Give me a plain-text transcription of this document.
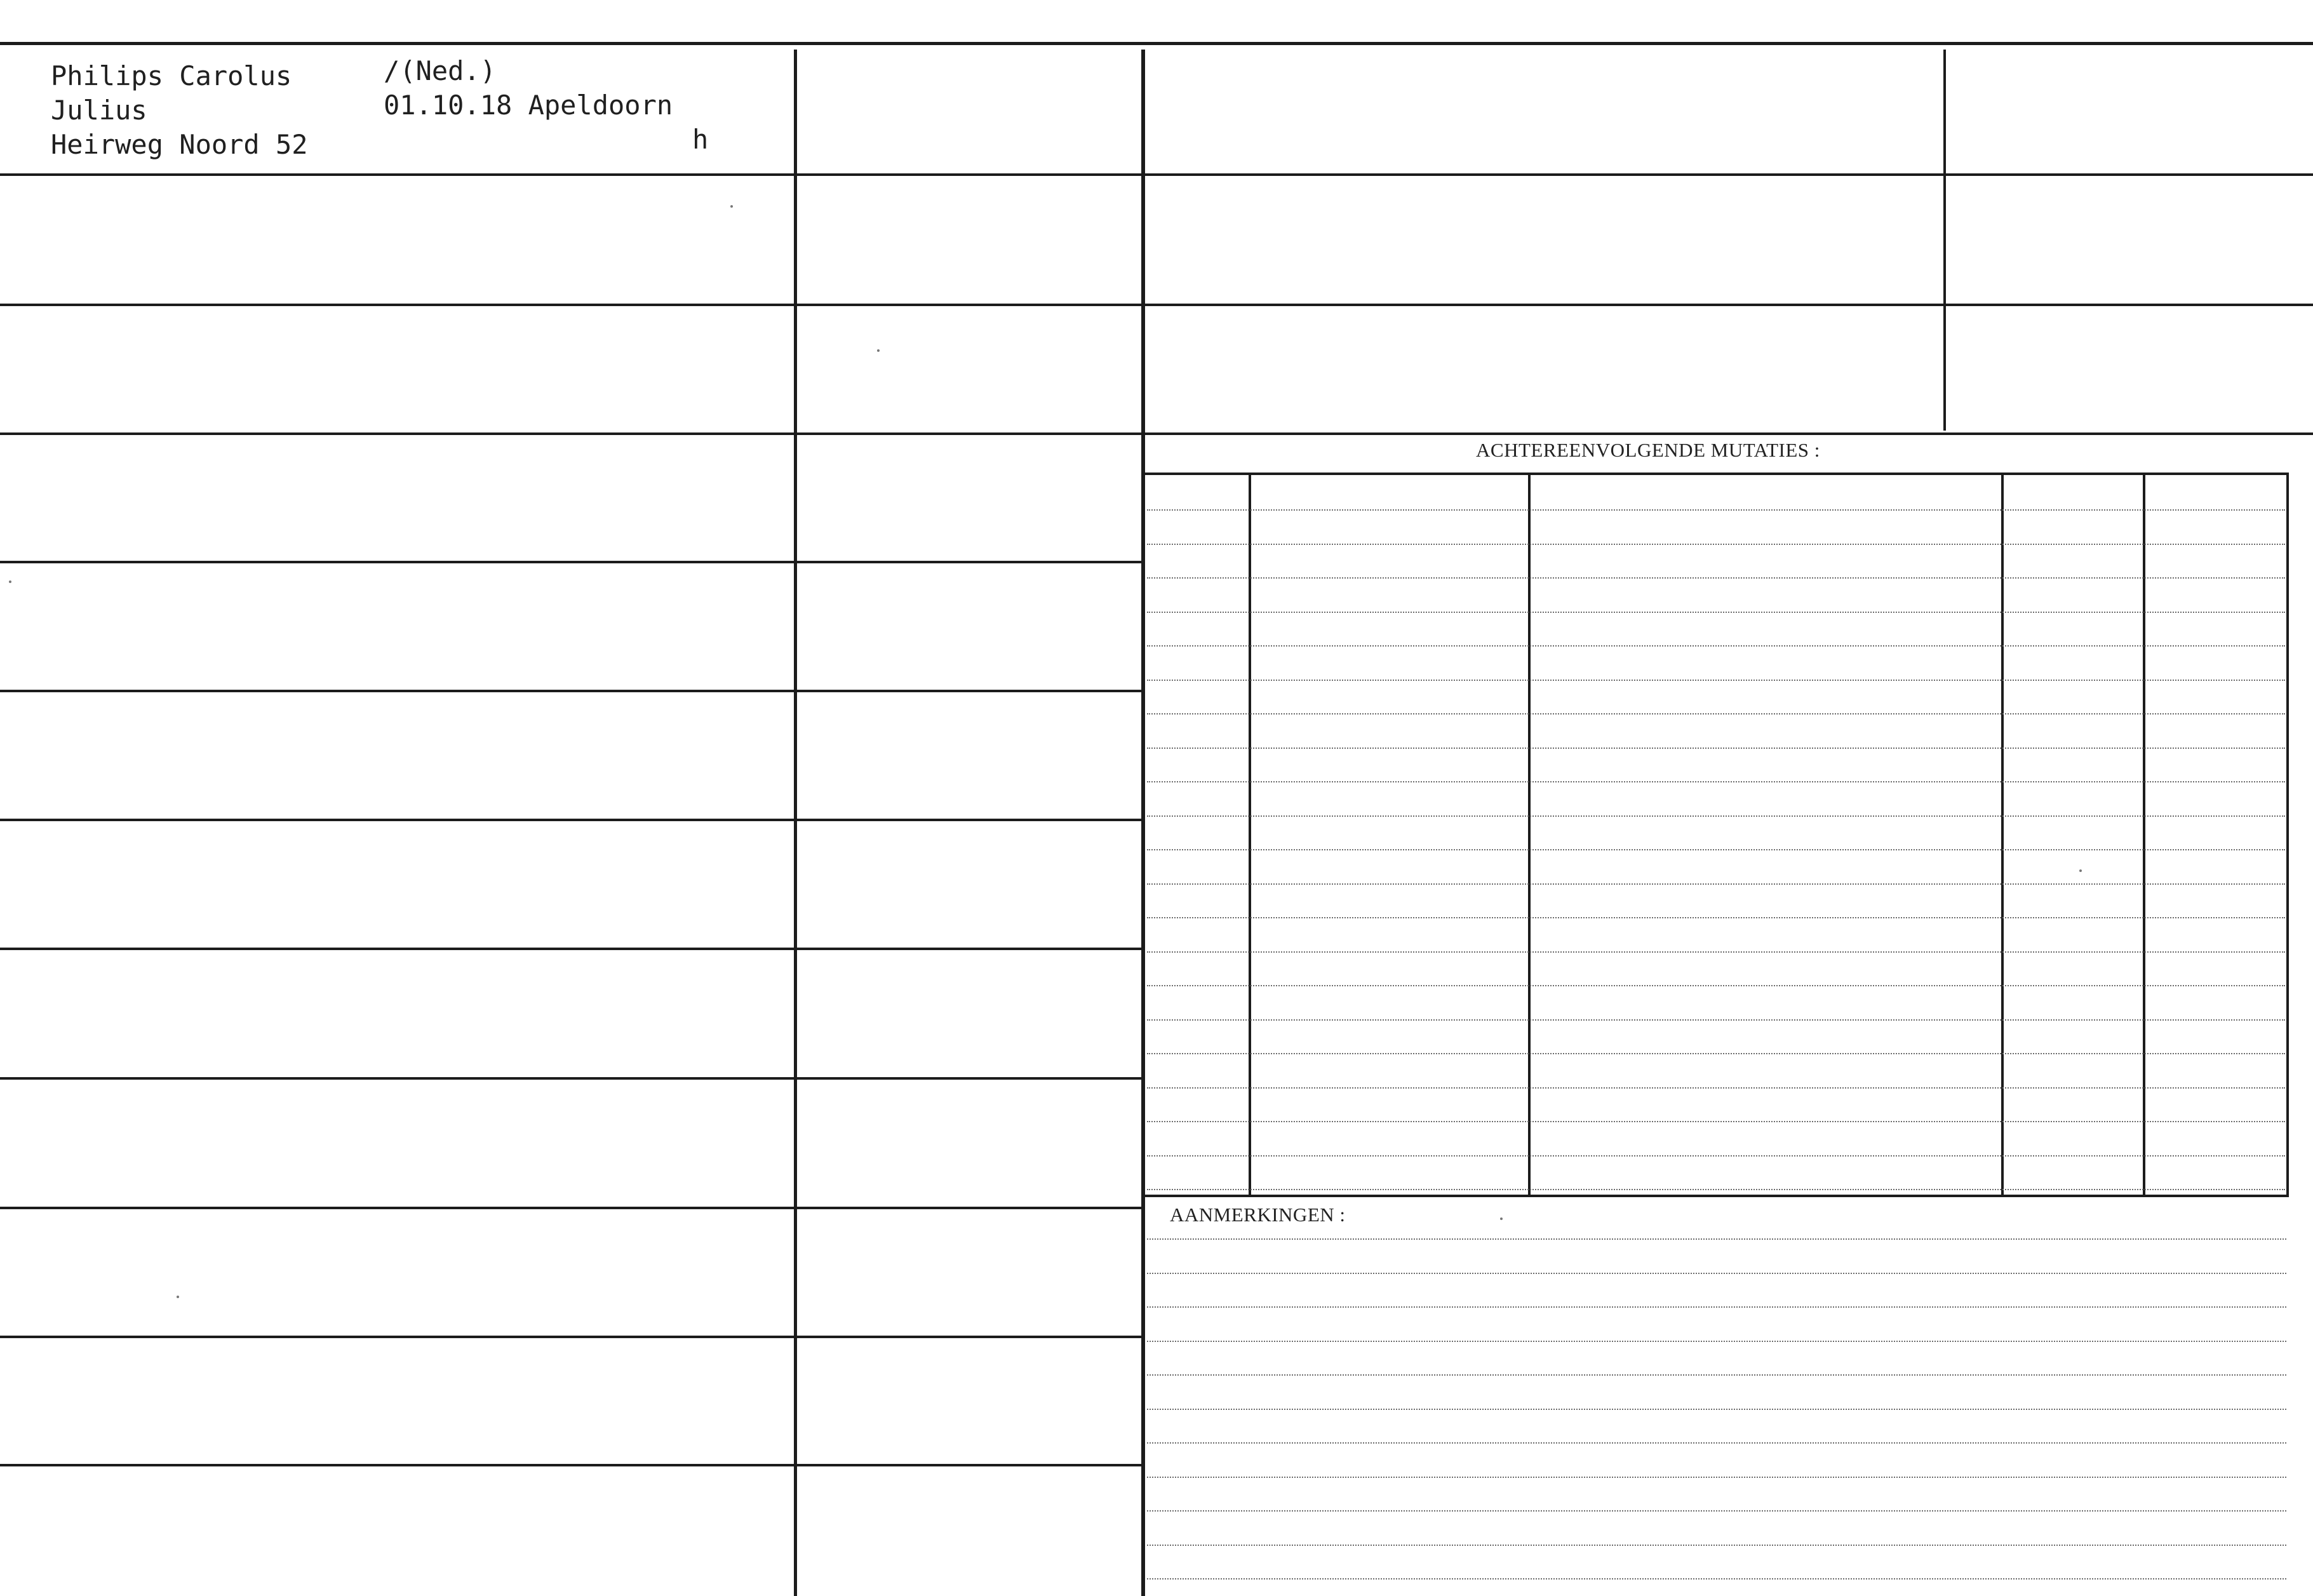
ACHTEREENVOLGENDE MUTATIES :
AANMERKINGEN :
Philips Carolus
Julius
Heirweg Noord 52
/(Ned.)
01.10.18 Apeldoorn
h
